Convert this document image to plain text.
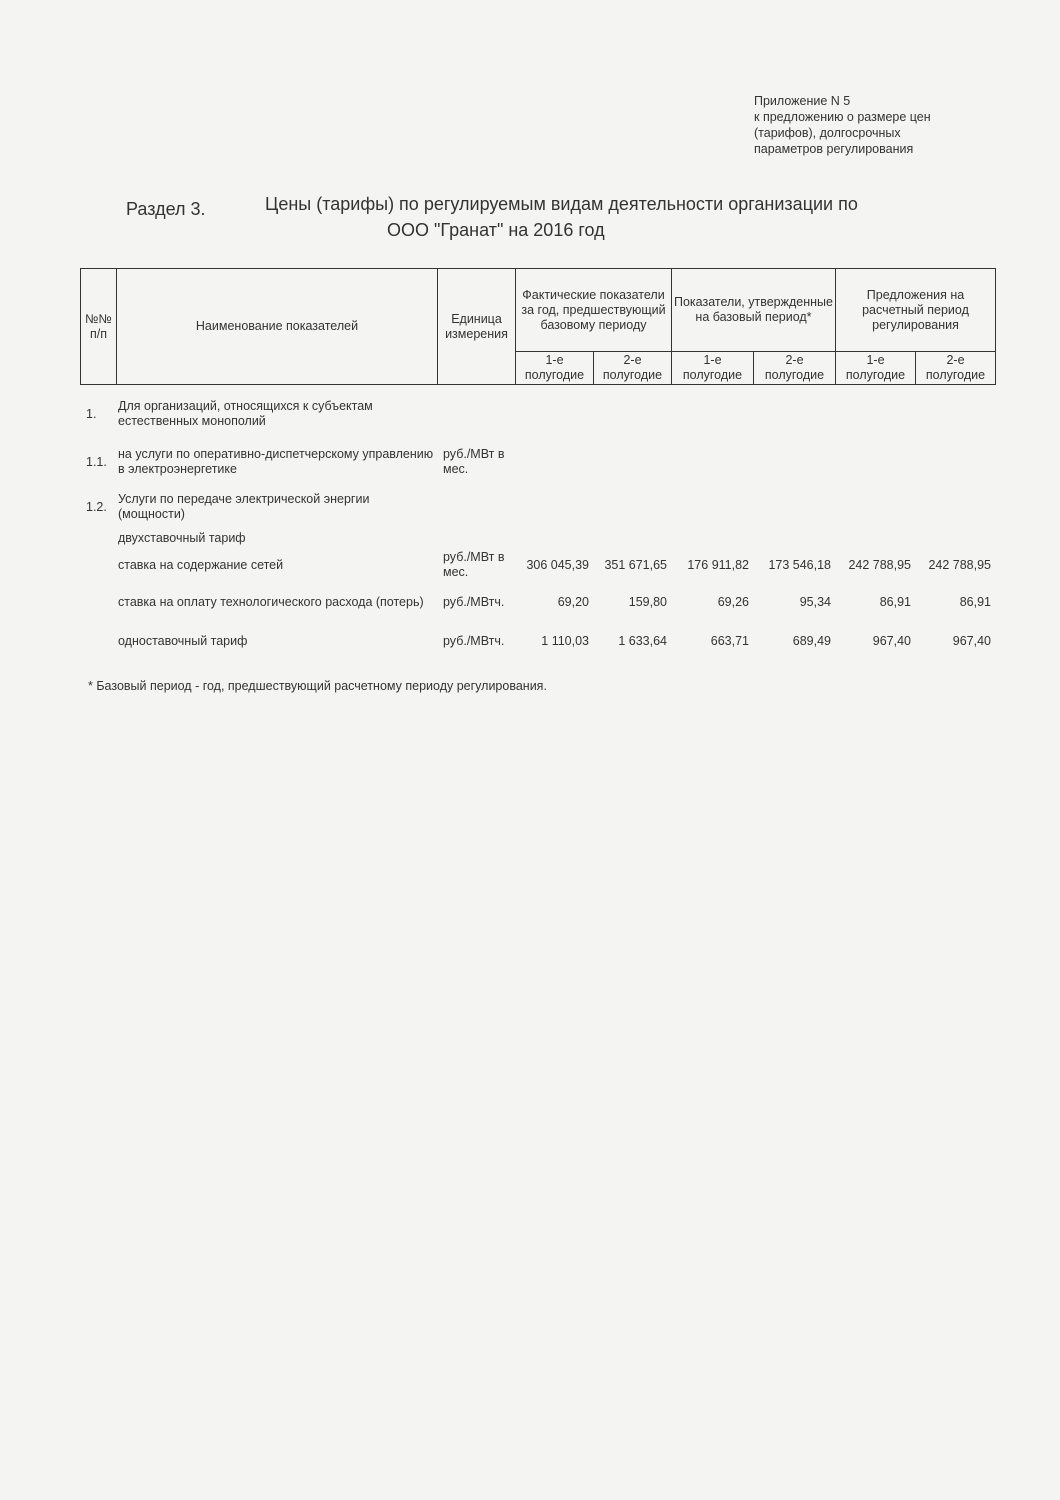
Приложение N 5
к предложению о размере цен
(тарифов), долгосрочных
параметров регулирования
Раздел 3.	Цены (тарифы) по регулируемым видам деятельности организации по
ООО "Гранат" на 2016 год
№№ п/п	Наименование показателей	Единица измерения	Фактические показатели за год, предшествующий базовому периоду		Показатели, утвержденные на базовый период*		Предложения на расчетный период регулирования	
			1-е полугодие	2-е полугодие	1-е полугодие	2-е полугодие	1-е полугодие	2-е полугодие
1.	Для организаций, относящихся к субъектам естественных монополий							
1.1.	на услуги по оперативно-диспетчерскому управлению в электроэнергетике	руб./МВт в мес.						
1.2.	Услуги по передаче электрической энергии (мощности)							
	двухставочный тариф							
	ставка на содержание сетей	руб./МВт в мес.	306 045,39	351 671,65	176 911,82	173 546,18	242 788,95	242 788,95
	ставка на оплату технологического расхода (потерь)	руб./МВтч.	69,20	159,80	69,26	95,34	86,91	86,91
	одноставочный тариф	руб./МВтч.	1 110,03	1 633,64	663,71	689,49	967,40	967,40
* Базовый период - год, предшествующий расчетному периоду регулирования.
